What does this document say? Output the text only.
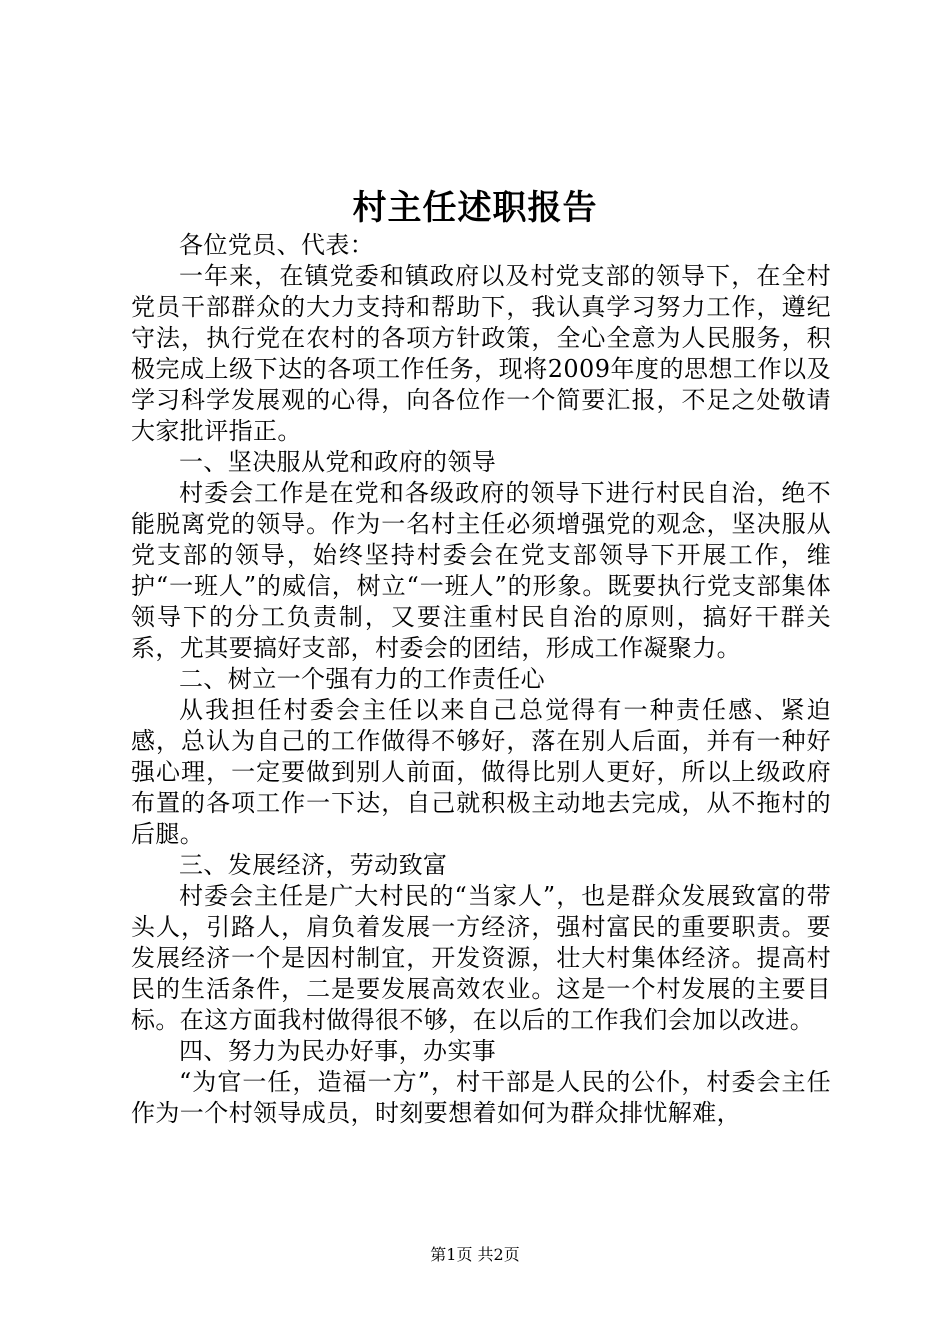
村主任述职报告

各位党员、代表：

一年来，在镇党委和镇政府以及村党支部的领导下，在全村党员干部群众的大力支持和帮助下，我认真学习努力工作，遵纪守法，执行党在农村的各项方针政策，全心全意为人民服务，积极完成上级下达的各项工作任务，现将2009年度的思想工作以及学习科学发展观的心得，向各位作一个简要汇报，不足之处敬请大家批评指正。

一、坚决服从党和政府的领导

村委会工作是在党和各级政府的领导下进行村民自治，绝不能脱离党的领导。作为一名村主任必须增强党的观念，坚决服从党支部的领导，始终坚持村委会在党支部领导下开展工作，维护“一班人”的威信，树立“一班人”的形象。既要执行党支部集体领导下的分工负责制，又要注重村民自治的原则，搞好干群关系，尤其要搞好支部，村委会的团结，形成工作凝聚力。

二、树立一个强有力的工作责任心

从我担任村委会主任以来自己总觉得有一种责任感、紧迫感，总认为自己的工作做得不够好，落在别人后面，并有一种好强心理，一定要做到别人前面，做得比别人更好，所以上级政府布置的各项工作一下达，自己就积极主动地去完成，从不拖村的后腿。

三、发展经济，劳动致富

村委会主任是广大村民的“当家人”，也是群众发展致富的带头人，引路人，肩负着发展一方经济，强村富民的重要职责。要发展经济一个是因村制宜，开发资源，壮大村集体经济。提高村民的生活条件，二是要发展高效农业。这是一个村发展的主要目标。在这方面我村做得很不够，在以后的工作我们会加以改进。

四、努力为民办好事，办实事

“为官一任，造福一方”，村干部是人民的公仆，村委会主任作为一个村领导成员，时刻要想着如何为群众排忧解难，

第1页 共2页
